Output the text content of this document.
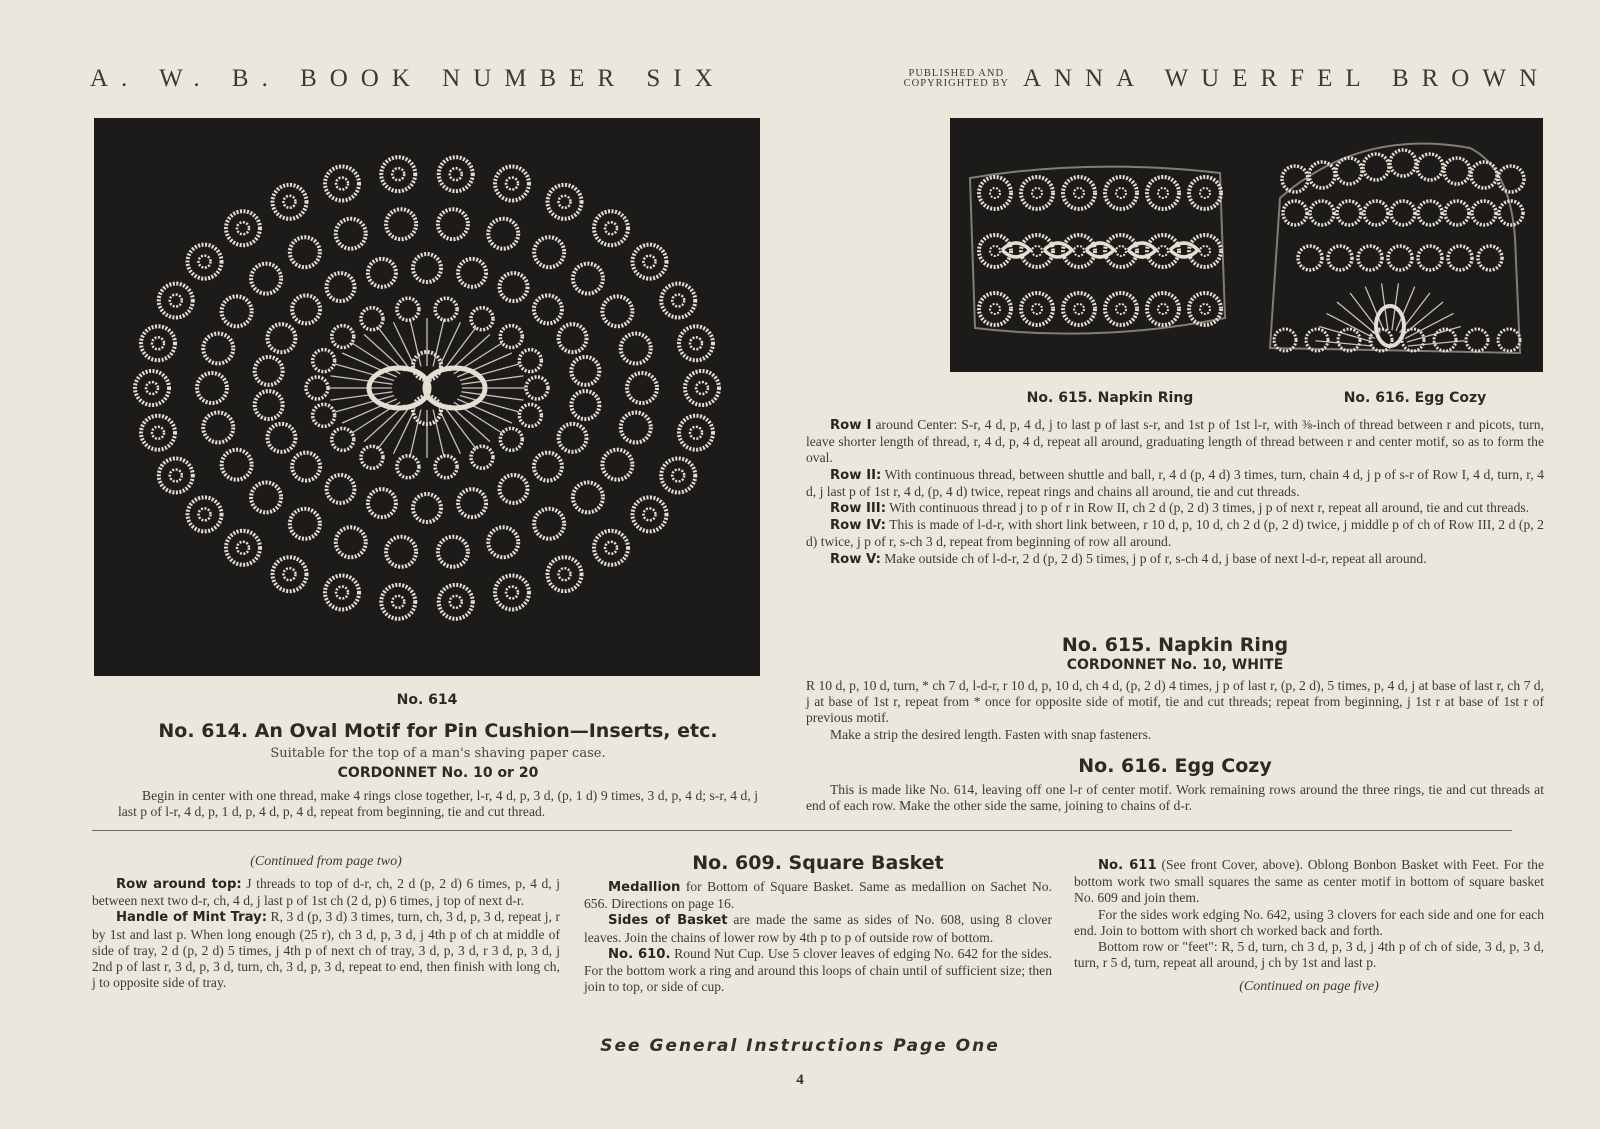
A. W. B. BOOK NUMBER SIX	PUBLISHED AND
COPYRIGHTED BY ANNA WUERFEL BROWN
No. 614
No. 615. Napkin Ring	No. 616. Egg Cozy
No. 614. An Oval Motif for Pin Cushion—Inserts, etc.
Suitable for the top of a man's shaving paper case.
CORDONNET No. 10 or 20

Begin in center with one thread, make 4 rings close together, l-r, 4 d, p, 3 d, (p, 1 d) 9 times, 3 d, p, 4 d; s-r, 4 d, j last p of l-r, 4 d, p, 1 d, p, 4 d, p, 4 d, repeat from beginning, tie and cut thread.

Row I around Center: S-r, 4 d, p, 4 d, j to last p of last s-r, and 1st p of 1st l-r, with ⅜-inch of thread between r and picots, turn, leave shorter length of thread, r, 4 d, p, 4 d, repeat all around, graduating length of thread between r and center motif, so as to form the oval.

Row II: With continuous thread, between shuttle and ball, r, 4 d (p, 4 d) 3 times, turn, chain 4 d, j p of s-r of Row I, 4 d, turn, r, 4 d, j last p of 1st r, 4 d, (p, 4 d) twice, repeat rings and chains all around, tie and cut threads.

Row III: With continuous thread j to p of r in Row II, ch 2 d (p, 2 d) 3 times, j p of next r, repeat all around, tie and cut threads.

Row IV: This is made of l-d-r, with short link between, r 10 d, p, 10 d, ch 2 d (p, 2 d) twice, j middle p of ch of Row III, 2 d (p, 2 d) twice, j p of r, s-ch 3 d, repeat from beginning of row all around.

Row V: Make outside ch of l-d-r, 2 d (p, 2 d) 5 times, j p of r, s-ch 4 d, j base of next l-d-r, repeat all around.

No. 615. Napkin Ring
CORDONNET No. 10, WHITE

R 10 d, p, 10 d, turn, * ch 7 d, l-d-r, r 10 d, p, 10 d, ch 4 d, (p, 2 d) 4 times, j p of last r, (p, 2 d), 5 times, p, 4 d, j at base of last r, ch 7 d, j at base of 1st r, repeat from * once for opposite side of motif, tie and cut threads; repeat from beginning, j 1st r at base of 1st r of previous motif.

Make a strip the desired length. Fasten with snap fasteners.

No. 616. Egg Cozy

This is made like No. 614, leaving off one l-r of center motif. Work remaining rows around the three rings, tie and cut threads at end of each row. Make the other side the same, joining to chains of d-r.

(Continued from page two)

Row around top: J threads to top of d-r, ch, 2 d (p, 2 d) 6 times, p, 4 d, j between next two d-r, ch, 4 d, j last p of 1st ch (2 d, p) 6 times, j top of next d-r.

Handle of Mint Tray: R, 3 d (p, 3 d) 3 times, turn, ch, 3 d, p, 3 d, repeat j, r by 1st and last p. When long enough (25 r), ch 3 d, p, 3 d, j 4th p of ch at middle of side of tray, 2 d (p, 2 d) 5 times, j 4th p of next ch of tray, 3 d, p, 3 d, r 3 d, p, 3 d, j 2nd p of last r, 3 d, p, 3 d, turn, ch, 3 d, p, 3 d, repeat to end, then finish with long ch, j to opposite side of tray.

No. 609. Square Basket

Medallion for Bottom of Square Basket. Same as medallion on Sachet No. 656. Directions on page 16.

Sides of Basket are made the same as sides of No. 608, using 8 clover leaves. Join the chains of lower row by 4th p to p of outside row of bottom.

No. 610. Round Nut Cup. Use 5 clover leaves of edging No. 642 for the sides. For the bottom work a ring and around this loops of chain until of sufficient size; then join to top, or side of cup.

No. 611 (See front Cover, above). Oblong Bonbon Basket with Feet. For the bottom work two small squares the same as center motif in bottom of square basket No. 609 and join them.

For the sides work edging No. 642, using 3 clovers for each side and one for each end. Join to bottom with short ch worked back and forth.

Bottom row or "feet": R, 5 d, turn, ch 3 d, p, 3 d, j 4th p of ch of side, 3 d, p, 3 d, turn, r 5 d, turn, repeat all around, j ch by 1st and last p.

(Continued on page five)
See General Instructions Page One
4
